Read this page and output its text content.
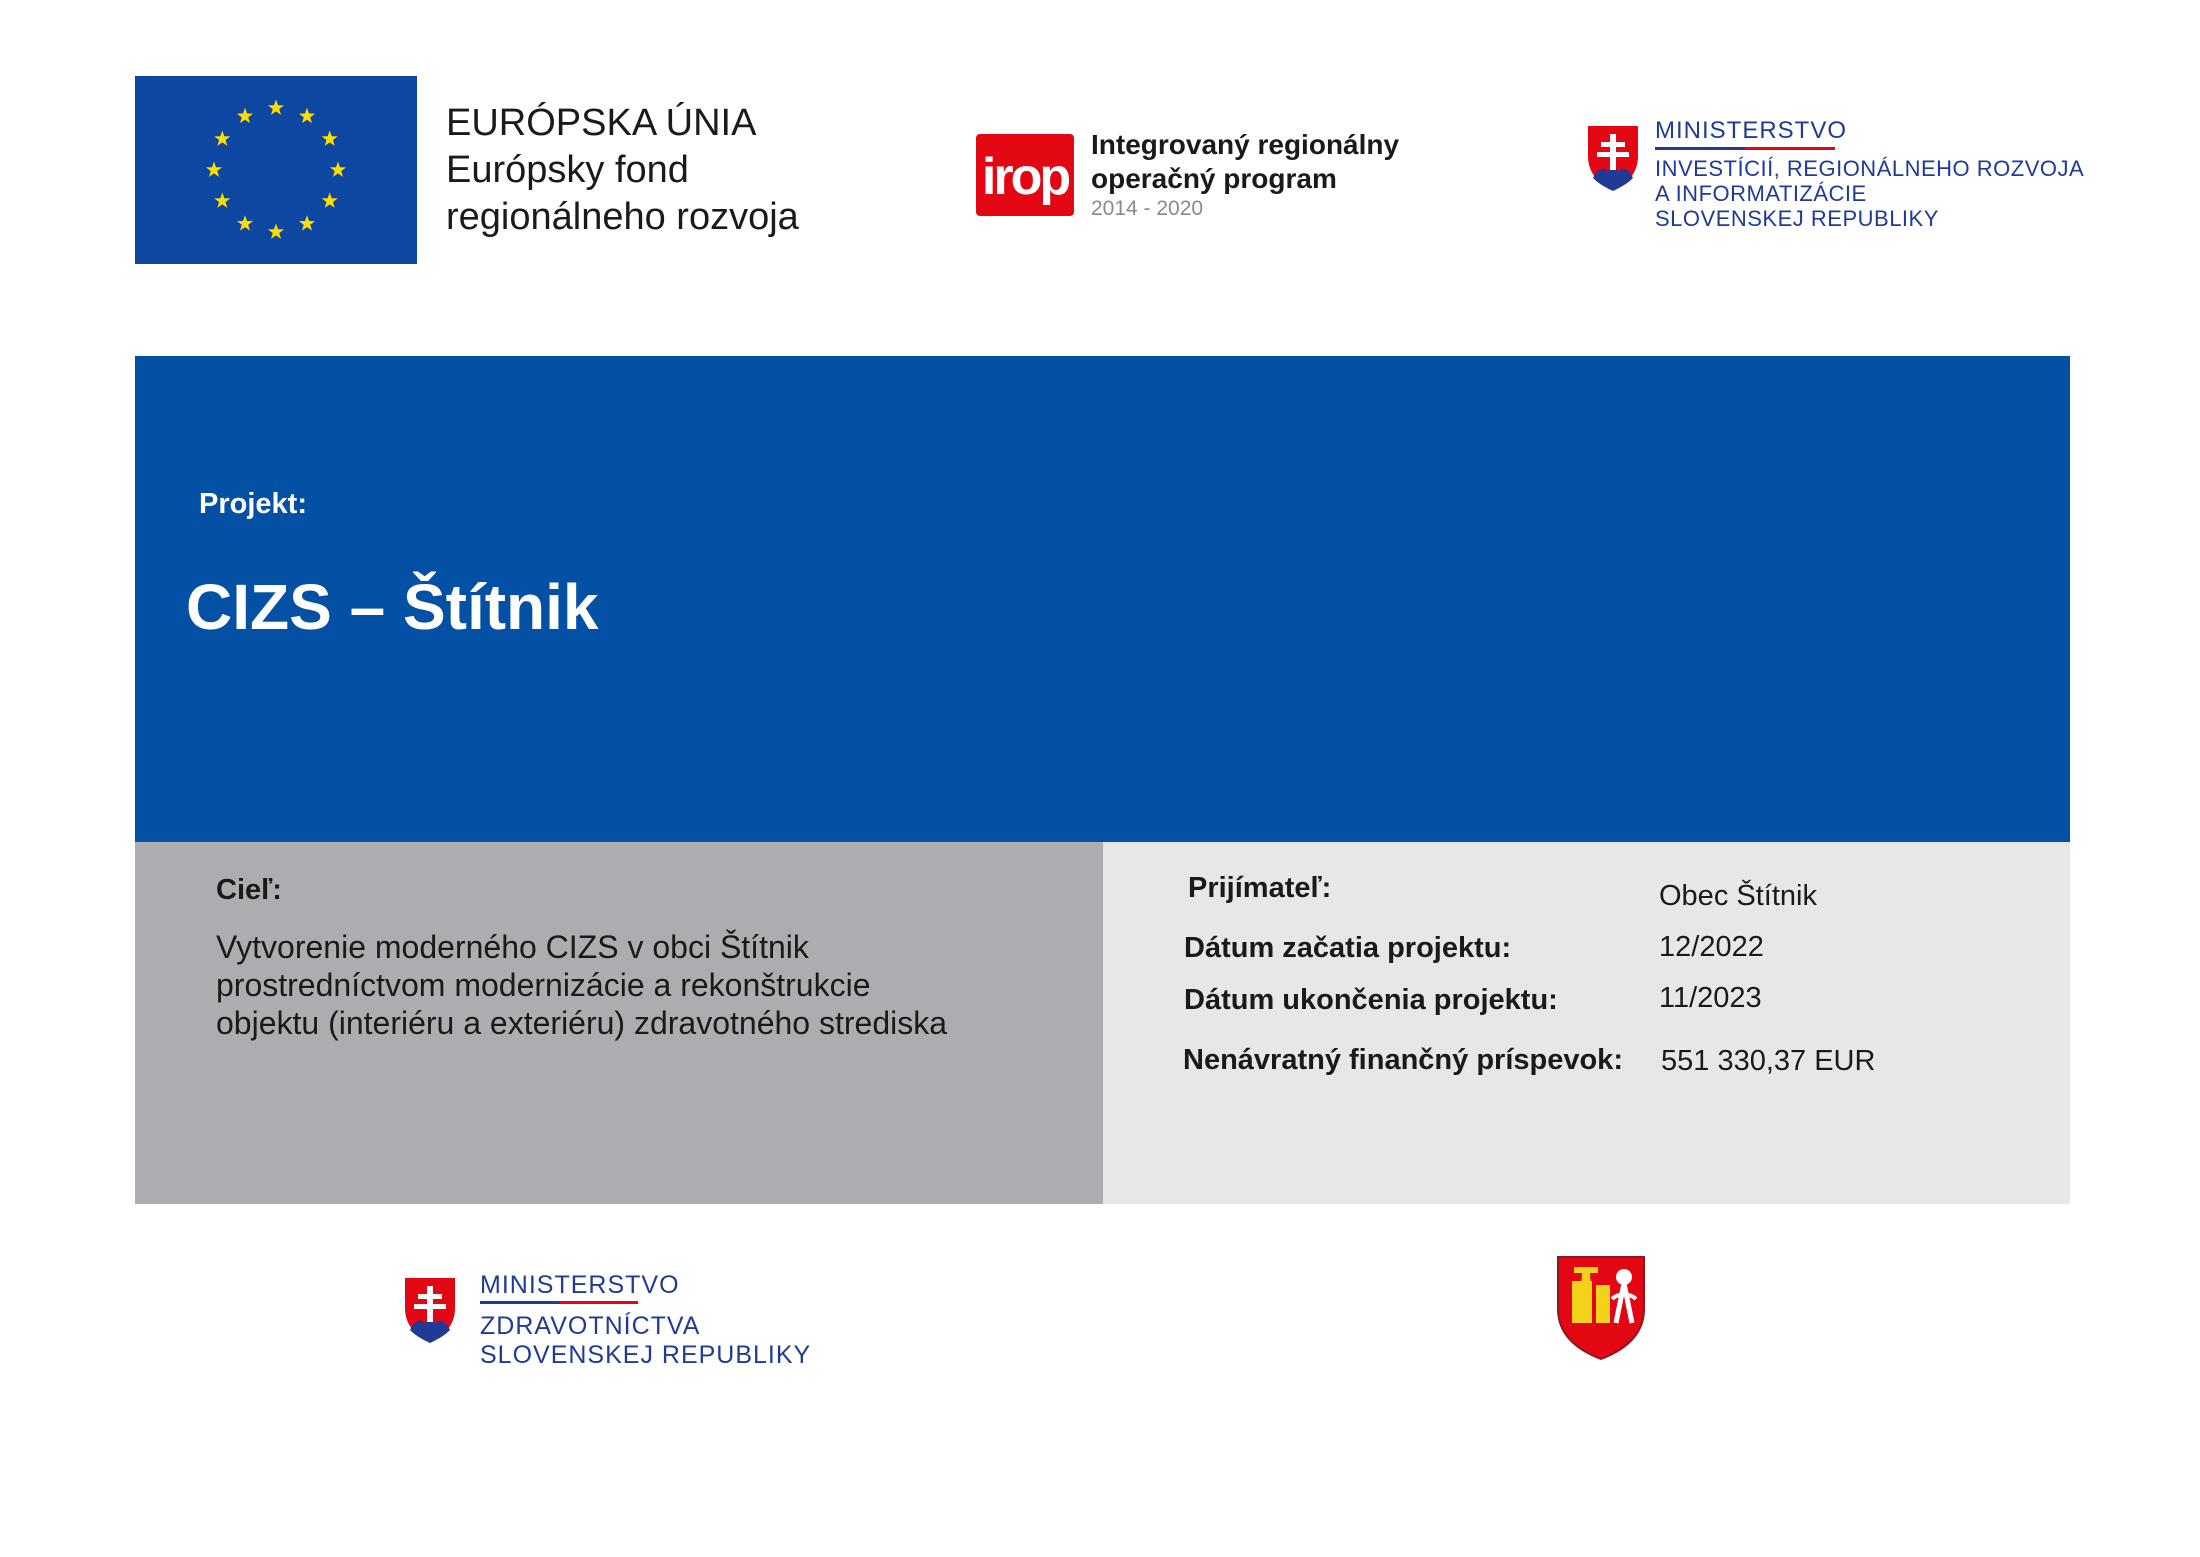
EURÓPSKA ÚNIA
Európsky fond
regionálneho rozvoja
irop
Integrovaný regionálny
operačný program
2014 - 2020
MINISTERSTVO
INVESTÍCIÍ, REGIONÁLNEHO ROZVOJA
A INFORMATIZÁCIE
SLOVENSKEJ REPUBLIKY
Projekt:
CIZS – Štítnik
Cieľ:
Vytvorenie moderného CIZS v obci Štítnik
prostredníctvom modernizácie a rekonštrukcie
objektu (interiéru a exteriéru) zdravotného strediska
Prijímateľ:	Obec Štítnik
Dátum začatia projektu:	12/2022
Dátum ukončenia projektu:	11/2023
Nenávratný finančný príspevok: 551 330,37 EUR
MINISTERSTVO
ZDRAVOTNÍCTVA
SLOVENSKEJ REPUBLIKY
